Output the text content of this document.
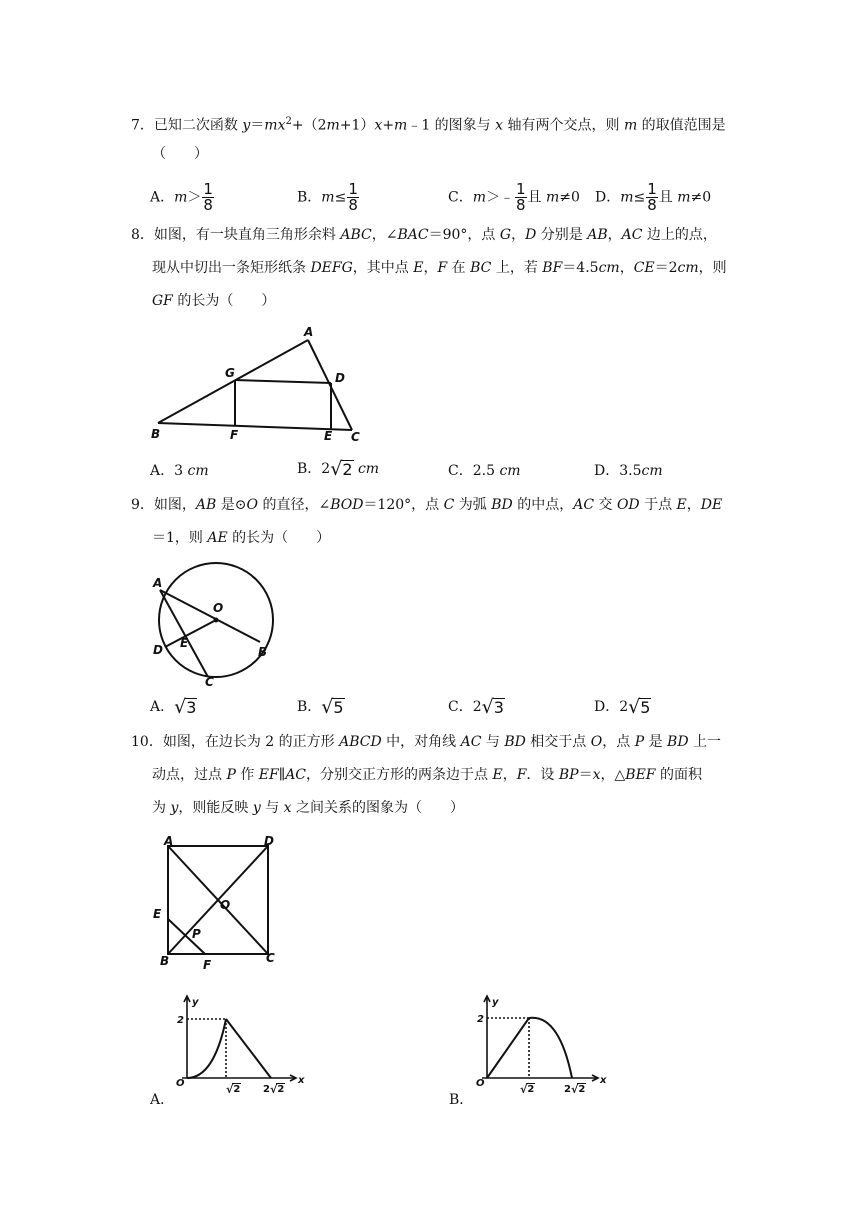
7．已知二次函数 $y=mx^2+(2m+1)x+m﹣1$ 的图象与 x 轴有两个交点，则 m 的取值范围是
（　　）
A．$m> \frac{1}{8}$	B．$m\le \frac{1}{8}$	C．m＞﹣ $\frac{1}{8}$ 且 m≠0 D．$m\le \frac{1}{8}$ 且 m≠0
8．如图，有一块直角三角形余料 ABC，∠BAC＝90°，点 G，D 分别是 AB，AC 边上的点，
现从中切出一条矩形纸条 DEFG，其中点 E，F 在 BC 上，若 BF＝4.5cm，CE＝2cm，则
GF 的长为（　　）
A
G	D
B	F	E C
A．3 cm	B．2 √ 2 cm	C．2.5 cm	D．3.5cm
9．如图，AB 是⊙O 的直径，∠BOD＝120°，点 C 为弧 BD 的中点，AC 交 OD 于点 E，DE
＝1，则 AE 的长为（　　）
A
O
E
D	B
C
A． √ 3	B． √ 5	C．2 √ 3	D．2 √ 5
10．如图，在边长为 2 的正方形 ABCD 中，对角线 AC 与 BD 相交于点 O，点 P 是 BD 上一
动点，过点 P 作 EF∥AC，分别交正方形的两条边于点 E，F．设 BP＝x，△BEF 的面积
为 y，则能反映 y 与 x 之间关系的图象为（　　）
A	D
O
E
P
B	F	C
y
x
O
2
√ 2 2 √ 2
A．
y
x
O
2
√ 2	2 √ 2
B．
